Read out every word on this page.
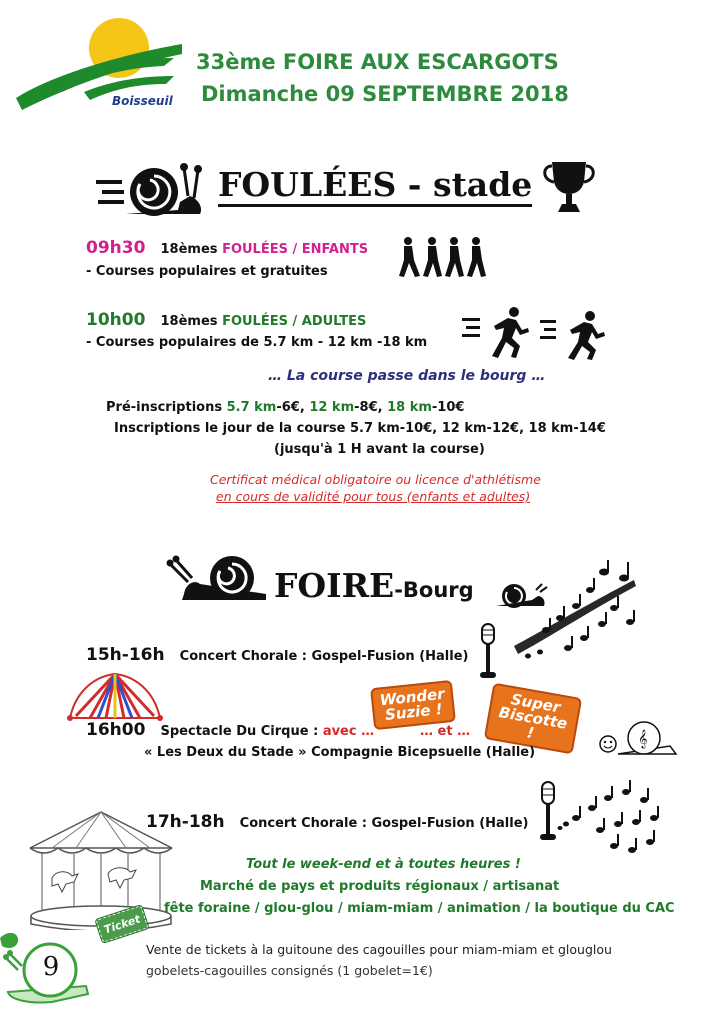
Boisseuil
33ème FOIRE AUX ESCARGOTS
Dimanche 09 SEPTEMBRE 2018
FOULÉES - stade
09h30 18èmes FOULÉES / ENFANTS
- Courses populaires et gratuites
10h00 18èmes FOULÉES / ADULTES
- Courses populaires de 5.7 km - 12 km -18 km
… La course passe dans le bourg …
Pré-inscriptions 5.7 km-6€, 12 km-8€, 18 km-10€
Inscriptions le jour de la course 5.7 km-10€, 12 km-12€, 18 km-14€
(jusqu'à 1 H avant la course)
Certificat médical obligatoire ou licence d'athlétisme
en cours de validité pour tous (enfants et adultes)
FOIRE-Bourg
15h-16h Concert Chorale : Gospel-Fusion (Halle)
Wonder Suzie !	Super Biscotte !
16h00 Spectacle Du Cirque : avec …	… et …
« Les Deux du Stade » Compagnie Bicepsuelle (Halle)
𝄞
17h-18h Concert Chorale : Gospel-Fusion (Halle)
Tout le week-end et à toutes heures !
Marché de pays et produits régionaux / artisanat
fête foraine / glou-glou / miam-miam / animation / la boutique du CAC
Ticket
Vente de tickets à la guitoune des cagouilles pour miam-miam et glouglou
gobelets-cagouilles consignés (1 gobelet=1€)
9
